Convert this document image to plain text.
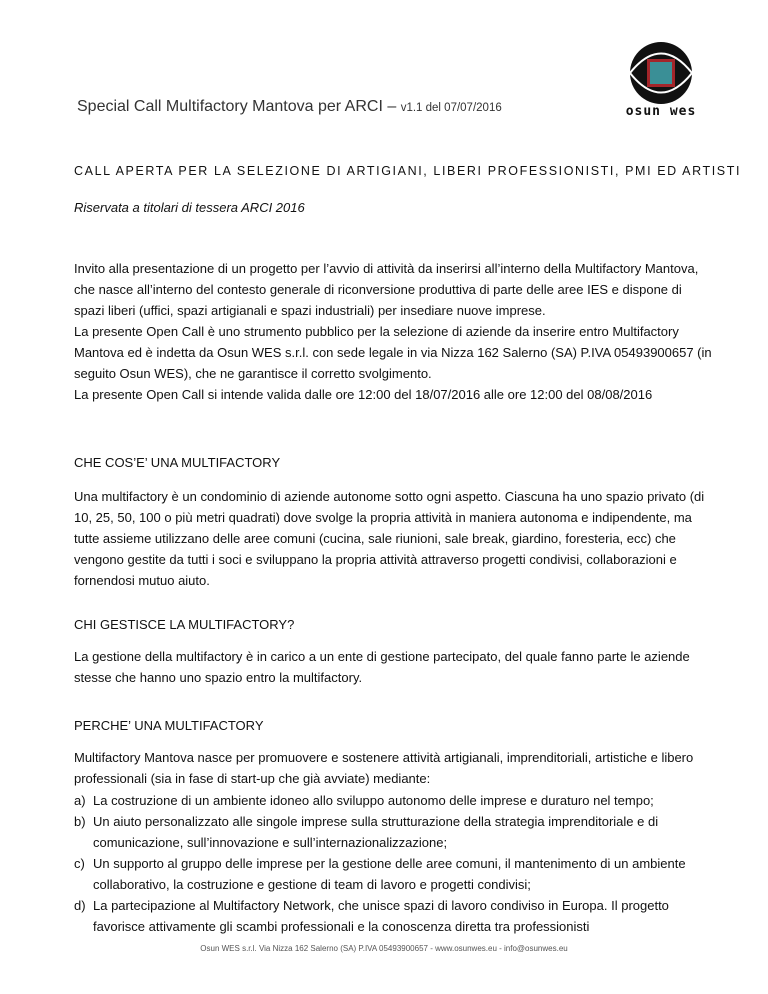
Special Call Multifactory Mantova per ARCI – v1.1 del 07/07/2016	osun wes
CALL APERTA PER LA SELEZIONE DI ARTIGIANI, LIBERI PROFESSIONISTI, PMI ED ARTISTI
Riservata a titolari di tessera ARCI 2016
Invito alla presentazione di un progetto per l’avvio di attività da inserirsi all’interno della Multifactory Mantova, che nasce all’interno del contesto generale di riconversione produttiva di parte delle aree IES e dispone di spazi liberi (uffici, spazi artigianali e spazi industriali) per insediare nuove imprese.
La presente Open Call è uno strumento pubblico per la selezione di aziende da inserire entro Multifactory Mantova ed è indetta da Osun WES s.r.l. con sede legale in via Nizza 162 Salerno (SA) P.IVA 05493900657 (in seguito Osun WES), che ne garantisce il corretto svolgimento.
La presente Open Call si intende valida dalle ore 12:00 del 18/07/2016 alle ore 12:00 del 08/08/2016
CHE COS’E’ UNA MULTIFACTORY
Una multifactory è un condominio di aziende autonome sotto ogni aspetto. Ciascuna ha uno spazio privato (di 10, 25, 50, 100 o più metri quadrati) dove svolge la propria attività in maniera autonoma e indipendente, ma tutte assieme utilizzano delle aree comuni (cucina, sale riunioni, sale break, giardino, foresteria, ecc) che vengono gestite da tutti i soci e sviluppano la propria attività attraverso progetti condivisi, collaborazioni e fornendosi mutuo aiuto.
CHI GESTISCE LA MULTIFACTORY?
La gestione della multifactory è in carico a un ente di gestione partecipato, del quale fanno parte le aziende stesse che hanno uno spazio entro la multifactory.
PERCHE’ UNA MULTIFACTORY
Multifactory Mantova nasce per promuovere e sostenere attività artigianali, imprenditoriali, artistiche e libero professionali (sia in fase di start-up che già avviate) mediante:
a) La costruzione di un ambiente idoneo allo sviluppo autonomo delle imprese e duraturo nel tempo;
b) Un aiuto personalizzato alle singole imprese sulla strutturazione della strategia imprenditoriale e di comunicazione, sull’innovazione e sull’internazionalizzazione;
c) Un supporto al gruppo delle imprese per la gestione delle aree comuni, il mantenimento di un ambiente collaborativo, la costruzione e gestione di team di lavoro e progetti condivisi;
d) La partecipazione al Multifactory Network, che unisce spazi di lavoro condiviso in Europa. Il progetto favorisce attivamente gli scambi professionali e la conoscenza diretta tra professionisti
Osun WES s.r.l. Via Nizza 162 Salerno (SA) P.IVA 05493900657 - www.osunwes.eu - info@osunwes.eu
